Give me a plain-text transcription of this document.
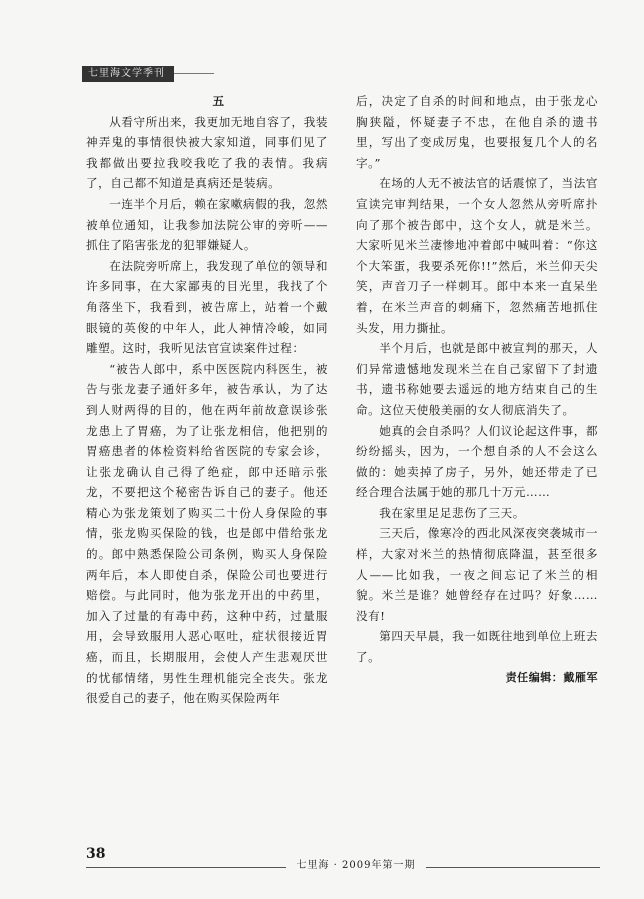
七里海文学季刊

五

从看守所出来，我更加无地自容了，我装神弄鬼的事情很快被大家知道，同事们见了我都做出要拉我咬我吃了我的表情。我病了，自己都不知道是真病还是装病。

一连半个月后，赖在家嗽病假的我，忽然被单位通知，让我参加法院公审的旁听——抓住了陷害张龙的犯罪嫌疑人。

在法院旁听席上，我发现了单位的领导和许多同事，在大家鄙夷的目光里，我找了个角落坐下，我看到，被告席上，站着一个戴眼镜的英俊的中年人，此人神情冷峻，如同雕塑。这时，我听见法官宣读案件过程：

“被告人郎中，系中医医院内科医生，被告与张龙妻子通奸多年，被告承认，为了达到人财两得的目的，他在两年前故意误诊张龙患上了胃癌，为了让张龙相信，他把别的胃癌患者的体检资料给省医院的专家会诊，让张龙确认自己得了绝症，郎中还暗示张龙，不要把这个秘密告诉自己的妻子。他还精心为张龙策划了购买二十份人身保险的事情，张龙购买保险的钱，也是郎中借给张龙的。郎中熟悉保险公司条例，购买人身保险两年后，本人即使自杀，保险公司也要进行赔偿。与此同时，他为张龙开出的中药里，加入了过量的有毒中药，这种中药，过量服用，会导致服用人恶心呕吐，症状很接近胃癌，而且，长期服用，会使人产生悲观厌世的忧郁情绪，男性生理机能完全丧失。张龙很爱自己的妻子，他在购买保险两年

后，决定了自杀的时间和地点，由于张龙心胸狭隘，怀疑妻子不忠，在他自杀的遗书里，写出了变成厉鬼，也要报复几个人的名字。”

在场的人无不被法官的话震惊了，当法官宣读完审判结果，一个女人忽然从旁听席扑向了那个被告郎中，这个女人，就是米兰。大家听见米兰凄惨地冲着郎中喊叫着：“你这个大笨蛋，我要杀死你!!”然后，米兰仰天尖笑，声音刀子一样刺耳。郎中本来一直呆坐着，在米兰声音的刺痛下，忽然痛苦地抓住头发，用力撕扯。

半个月后，也就是郎中被宣判的那天，人们异常遗憾地发现米兰在自己家留下了封遗书，遗书称她要去遥远的地方结束自己的生命。这位天使般美丽的女人彻底消失了。

她真的会自杀吗？人们议论起这件事，都纷纷摇头，因为，一个想自杀的人不会这么做的：她卖掉了房子，另外，她还带走了已经合理合法属于她的那几十万元……

我在家里足足悲伤了三天。

三天后，像寒冷的西北风深夜突袭城市一样，大家对米兰的热情彻底降温，甚至很多人——比如我，一夜之间忘记了米兰的相貌。米兰是谁？她曾经存在过吗？好象……没有!

第四天早晨，我一如既往地到单位上班去了。

责任编辑：戴雁军

38
七里海 · 2009年第一期
